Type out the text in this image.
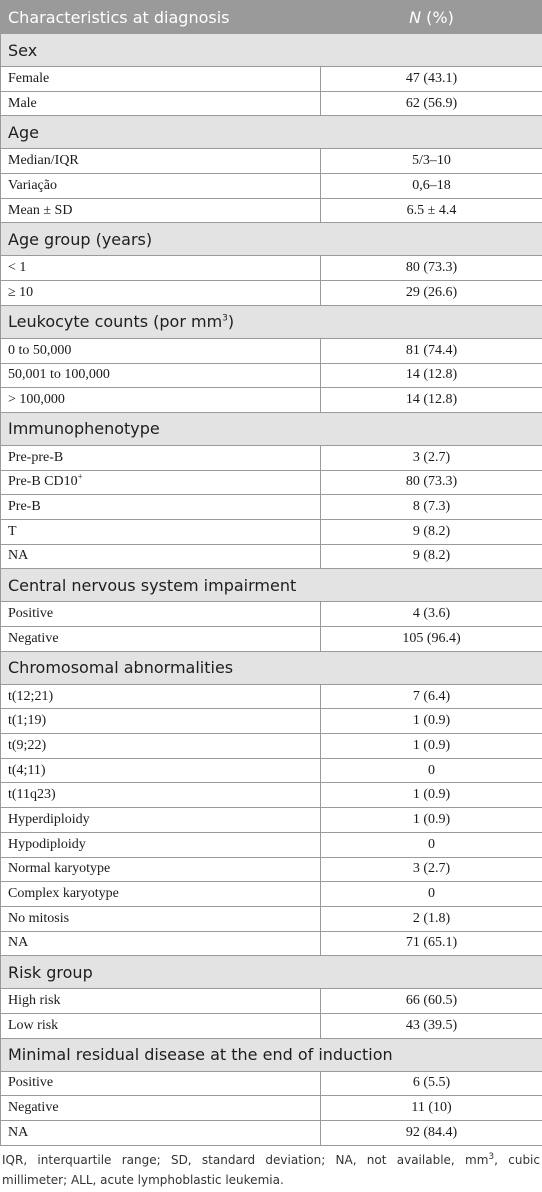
Characteristics at diagnosis	N (%)
Sex	
Female	47 (43.1)
Male	62 (56.9)
Age	
Median/IQR	5/3–10
Variação	0,6–18
Mean ± SD	6.5 ± 4.4
Age group (years)	
< 1	80 (73.3)
≥ 10	29 (26.6)
Leukocyte counts (por $mm^3$)	
0 to 50,000	81 (74.4)
50,001 to 100,000	14 (12.8)
> 100,000	14 (12.8)
Immunophenotype	
Pre-pre-B	3 (2.7)
Pre-B CD10+	80 (73.3)
Pre-B	8 (7.3)
T	9 (8.2)
NA	9 (8.2)
Central nervous system impairment	
Positive	4 (3.6)
Negative	105 (96.4)
Chromosomal abnormalities	
t(12;21)	7 (6.4)
t(1;19)	1 (0.9)
t(9;22)	1 (0.9)
t(4;11)	0
t(11q23)	1 (0.9)
Hyperdiploidy	1 (0.9)
Hypodiploidy	0
Normal karyotype	3 (2.7)
Complex karyotype	0
No mitosis	2 (1.8)
NA	71 (65.1)
Risk group	
High risk	66 (60.5)
Low risk	43 (39.5)
Minimal residual disease at the end of induction	
Positive	6 (5.5)
Negative	11 (10)
NA	92 (84.4)
IQR, interquartile range; SD, standard deviation; NA, not available, $mm^3$, cubic millimeter; ALL, acute lymphoblastic leukemia.
